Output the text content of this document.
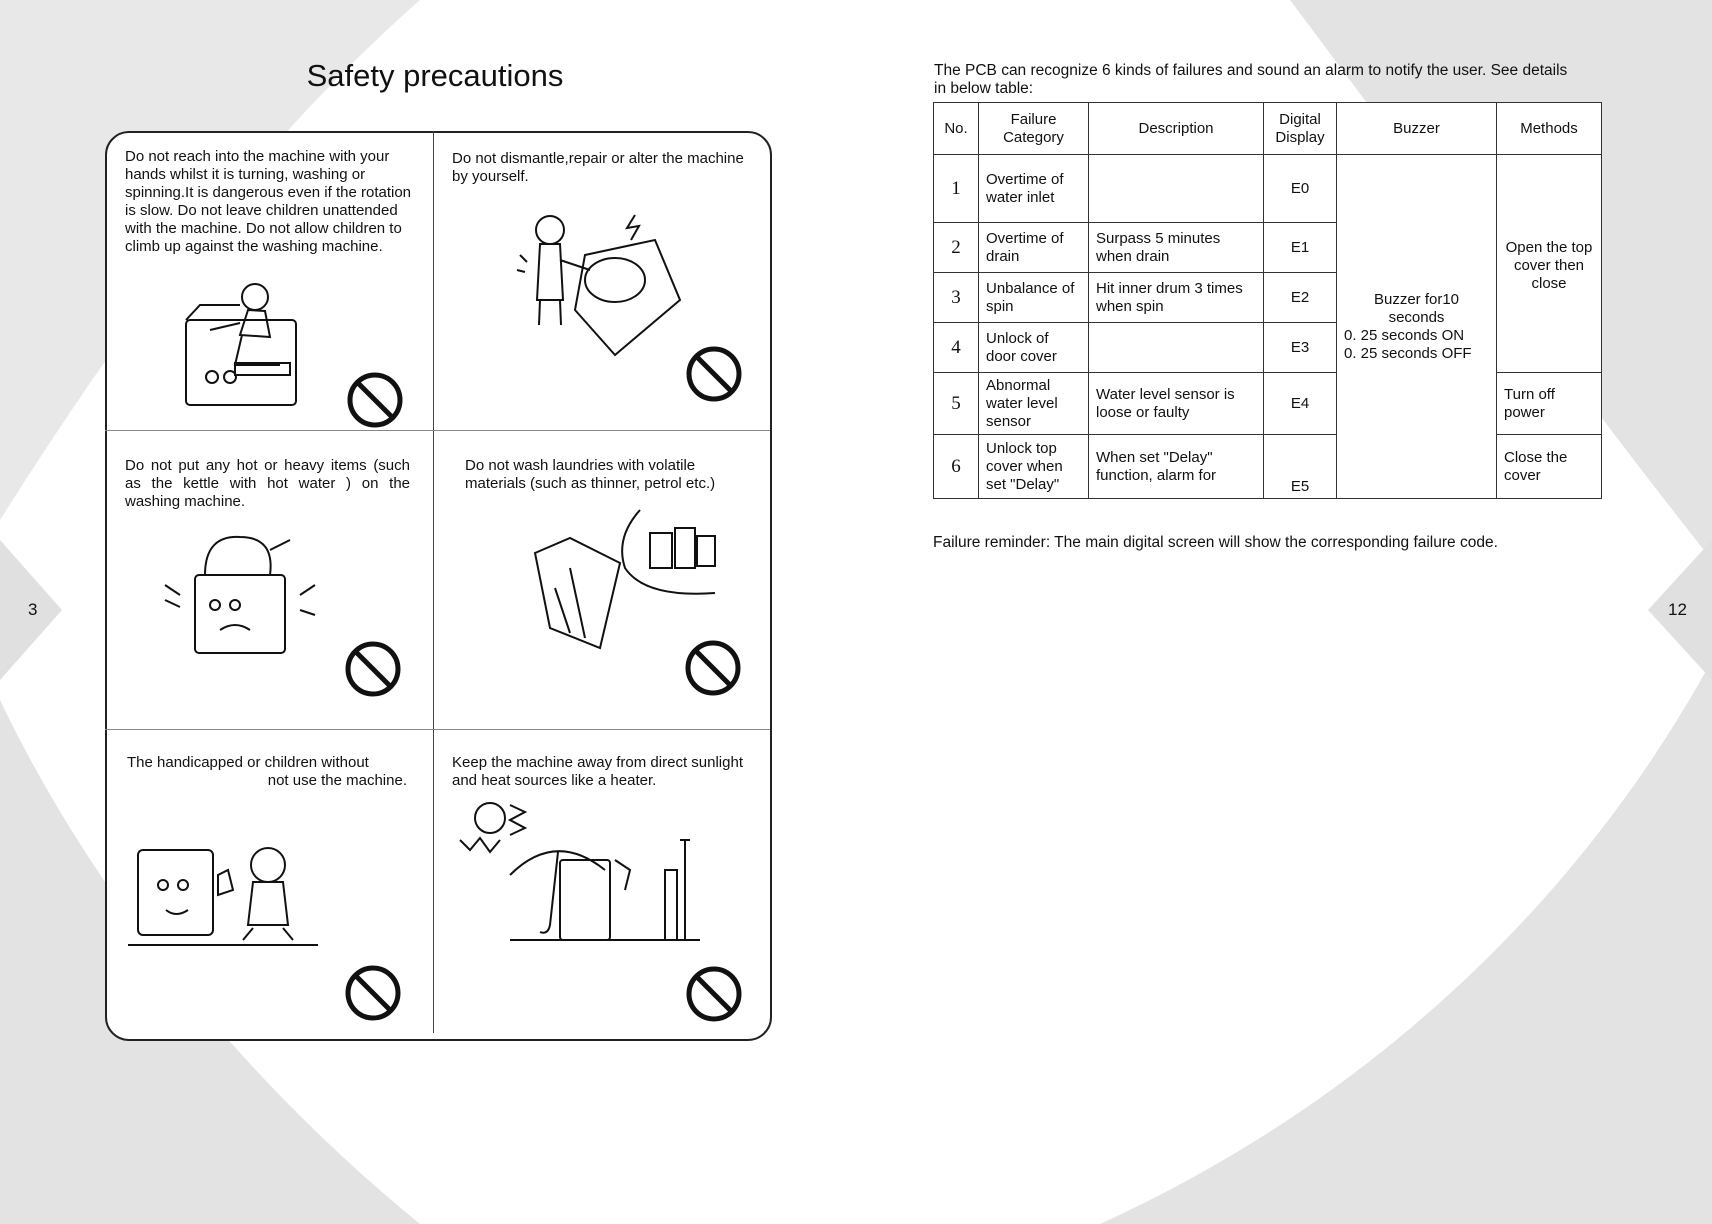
3	12
Safety precautions
Do not reach into the machine with your hands whilst it is turning, washing or spinning.It is dangerous even if the rotation is slow. Do not leave children unattended with the machine. Do not allow children to climb up against the washing machine.
Do not dismantle,repair or alter the machine by yourself.
Do not put any hot or heavy items (such as the kettle with hot water ) on the washing machine.
Do not wash laundries with volatile materials (such as thinner, petrol etc.)
The handicapped or children without
not use the machine.
Keep the machine away from direct sunlight and heat sources like a heater.
The PCB can recognize 6 kinds of failures and sound an alarm to notify the user. See details in below table:
No.	Failure Category	Description	Digital Display	Buzzer	Methods
1	Overtime of water inlet		E0	Buzzer for10
seconds
0. 25 seconds ON
0. 25 seconds OFF	Open the top cover then close
2	Overtime of drain	Surpass 5 minutes when drain	E1		
3	Unbalance of spin	Hit inner drum 3 times when spin	E2		
4	Unlock of door cover		E3		
5	Abnormal water level sensor	Water level sensor is loose or faulty	E4		Turn off power
6	Unlock top cover when set "Delay"	When set "Delay" function, alarm for	E5		Close the cover
Failure reminder: The main digital screen will show the corresponding failure code.
